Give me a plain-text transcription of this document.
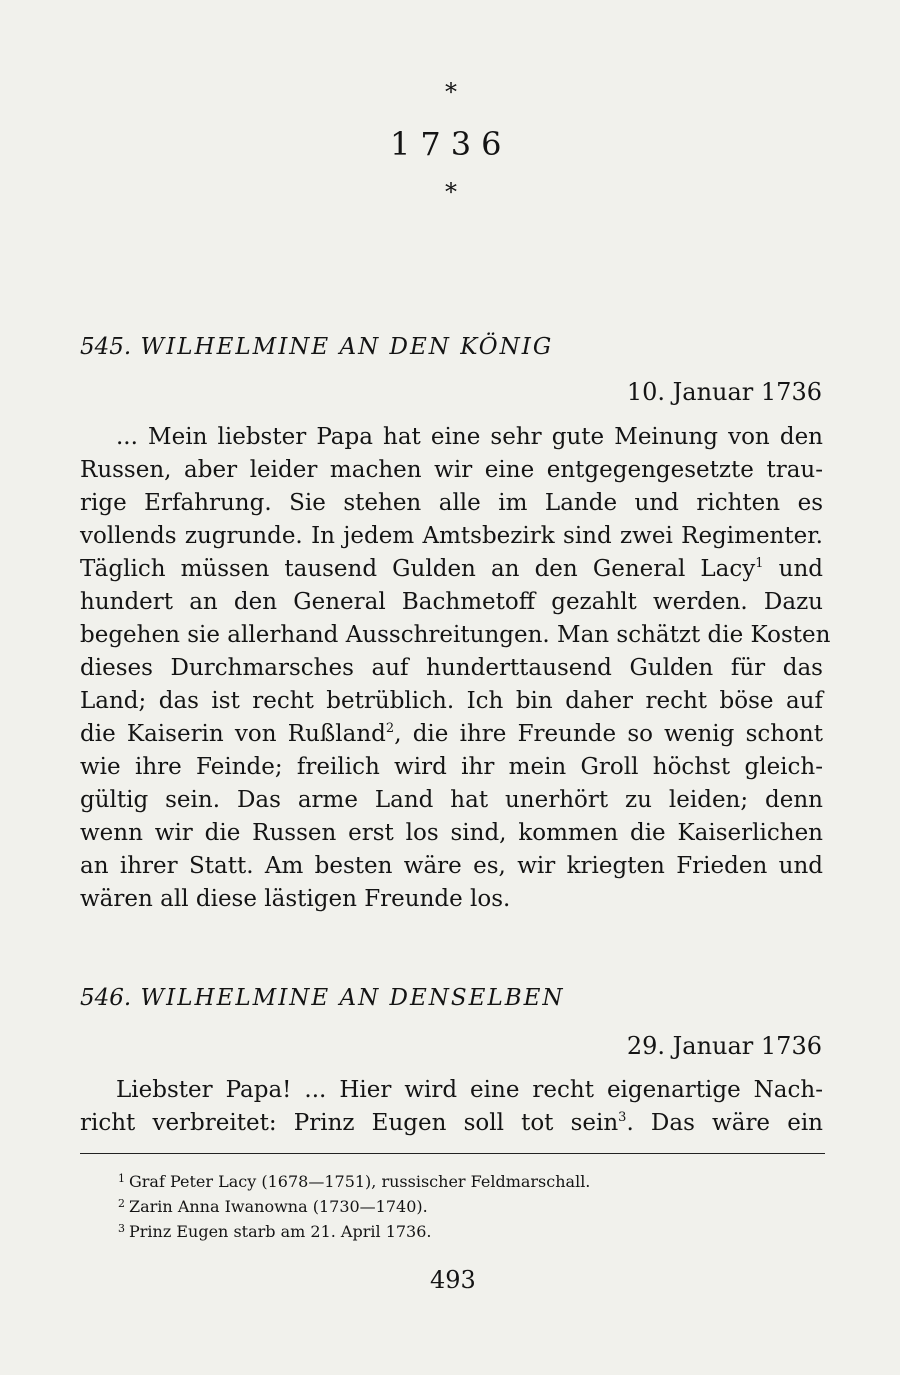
*
1736
*
545. WILHELMINE AN DEN KÖNIG
10. Januar 1736
... Mein liebster Papa hat eine sehr gute Meinung von den
Russen, aber leider machen wir eine entgegengesetzte trau-
rige Erfahrung. Sie stehen alle im Lande und richten es
vollends zugrunde. In jedem Amtsbezirk sind zwei Regimenter.
Täglich müssen tausend Gulden an den General Lacy$^1$ und
hundert an den General Bachmetoff gezahlt werden. Dazu
begehen sie allerhand Ausschreitungen. Man schätzt die Kosten
dieses Durchmarsches auf hunderttausend Gulden für das
Land; das ist recht betrüblich. Ich bin daher recht böse auf
die Kaiserin von Rußland$^2$, die ihre Freunde so wenig schont
wie ihre Feinde; freilich wird ihr mein Groll höchst gleich-
gültig sein. Das arme Land hat unerhört zu leiden; denn
wenn wir die Russen erst los sind, kommen die Kaiserlichen
an ihrer Statt. Am besten wäre es, wir kriegten Frieden und
wären all diese lästigen Freunde los.
546. WILHELMINE AN DENSELBEN
29. Januar 1736
Liebster Papa! ... Hier wird eine recht eigenartige Nach-
richt verbreitet: Prinz Eugen soll tot sein$^3$. Das wäre ein
$^1$ Graf Peter Lacy (1678—1751), russischer Feldmarschall.
$^2$ Zarin Anna Iwanowna (1730—1740).
$^3$ Prinz Eugen starb am 21. April 1736.
493
